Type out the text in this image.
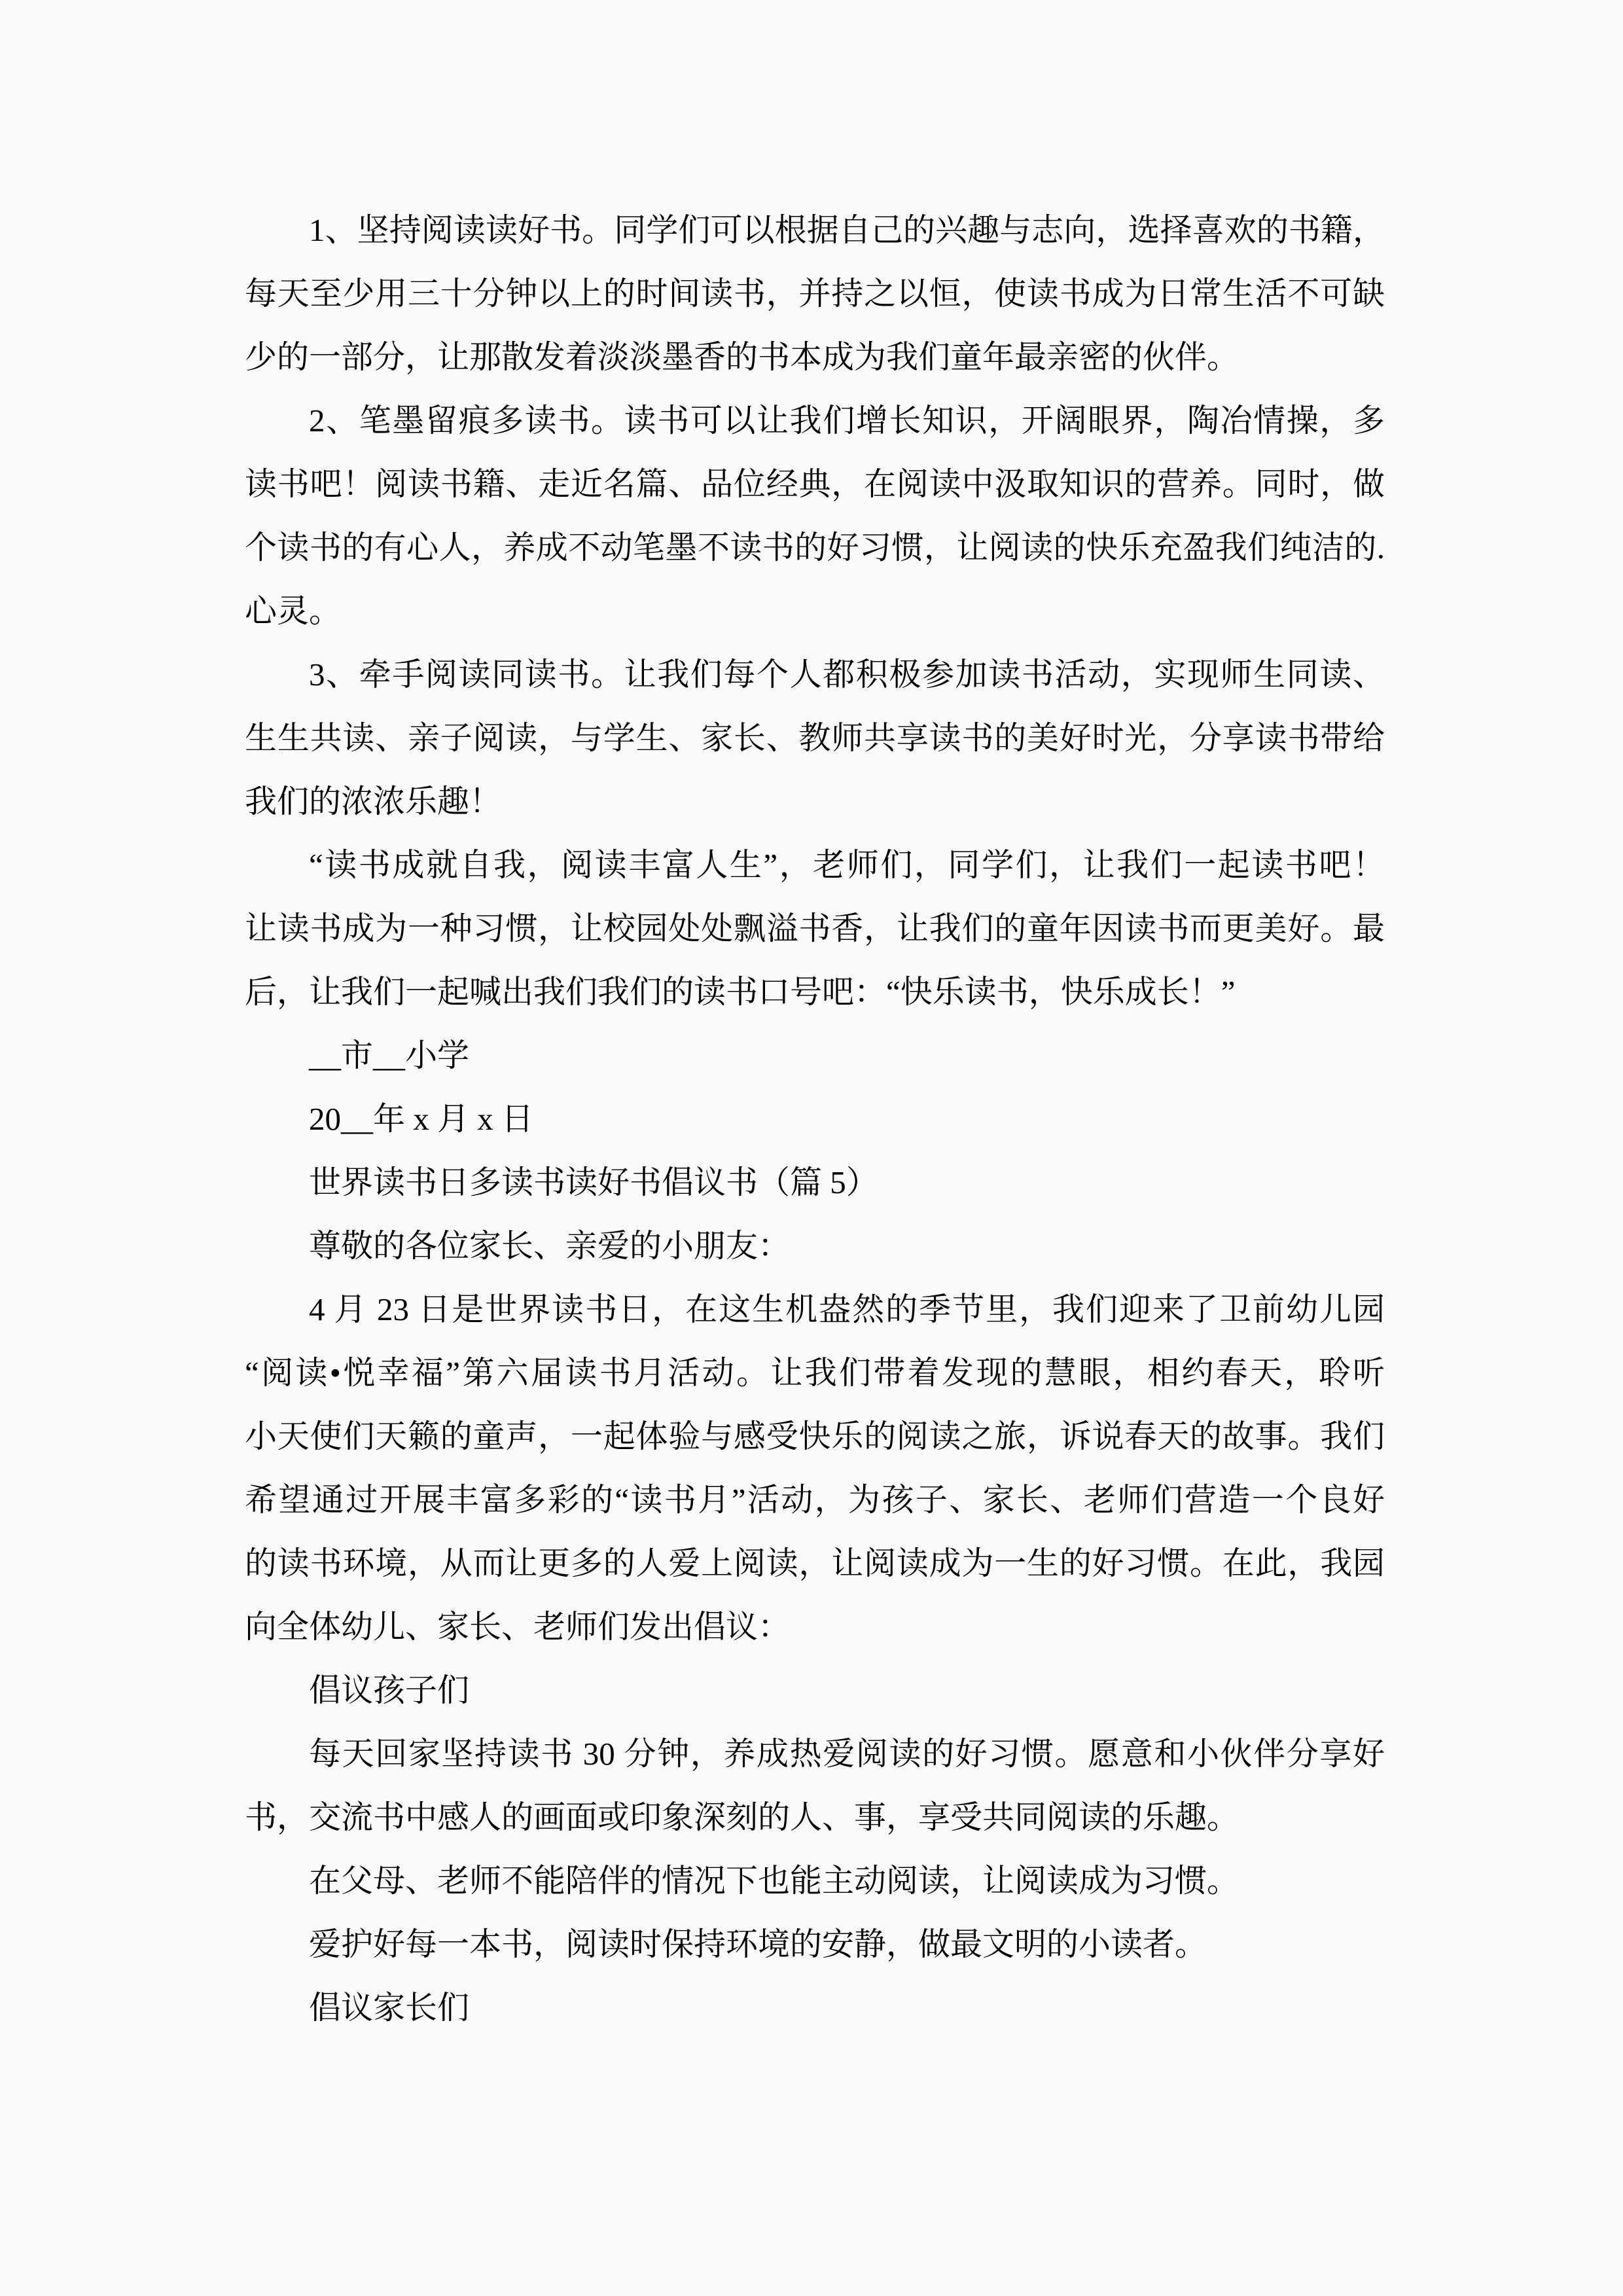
1、坚持阅读读好书。同学们可以根据自己的兴趣与志向，选择喜欢的书籍，
每天至少用三十分钟以上的时间读书，并持之以恒，使读书成为日常生活不可缺
少的一部分，让那散发着淡淡墨香的书本成为我们童年最亲密的伙伴。
2、笔墨留痕多读书。读书可以让我们增长知识，开阔眼界，陶冶情操，多
读书吧！阅读书籍、走近名篇、品位经典，在阅读中汲取知识的营养。同时，做
个读书的有心人，养成不动笔墨不读书的好习惯，让阅读的快乐充盈我们纯洁的.
心灵。
3、牵手阅读同读书。让我们每个人都积极参加读书活动，实现师生同读、
生生共读、亲子阅读，与学生、家长、教师共享读书的美好时光，分享读书带给
我们的浓浓乐趣！
“读书成就自我，阅读丰富人生”，老师们，同学们，让我们一起读书吧！
让读书成为一种习惯，让校园处处飘溢书香，让我们的童年因读书而更美好。最
后，让我们一起喊出我们我们的读书口号吧：“快乐读书，快乐成长！”
__市__小学
20__年 x 月 x 日
世界读书日多读书读好书倡议书（篇 5）
尊敬的各位家长、亲爱的小朋友：
4 月 23 日是世界读书日，在这生机盎然的季节里，我们迎来了卫前幼儿园
“阅读•悦幸福”第六届读书月活动。让我们带着发现的慧眼，相约春天，聆听
小天使们天籁的童声，一起体验与感受快乐的阅读之旅，诉说春天的故事。我们
希望通过开展丰富多彩的“读书月”活动，为孩子、家长、老师们营造一个良好
的读书环境，从而让更多的人爱上阅读，让阅读成为一生的好习惯。在此，我园
向全体幼儿、家长、老师们发出倡议：
倡议孩子们
每天回家坚持读书 30 分钟，养成热爱阅读的好习惯。愿意和小伙伴分享好
书，交流书中感人的画面或印象深刻的人、事，享受共同阅读的乐趣。
在父母、老师不能陪伴的情况下也能主动阅读，让阅读成为习惯。
爱护好每一本书，阅读时保持环境的安静，做最文明的小读者。
倡议家长们
